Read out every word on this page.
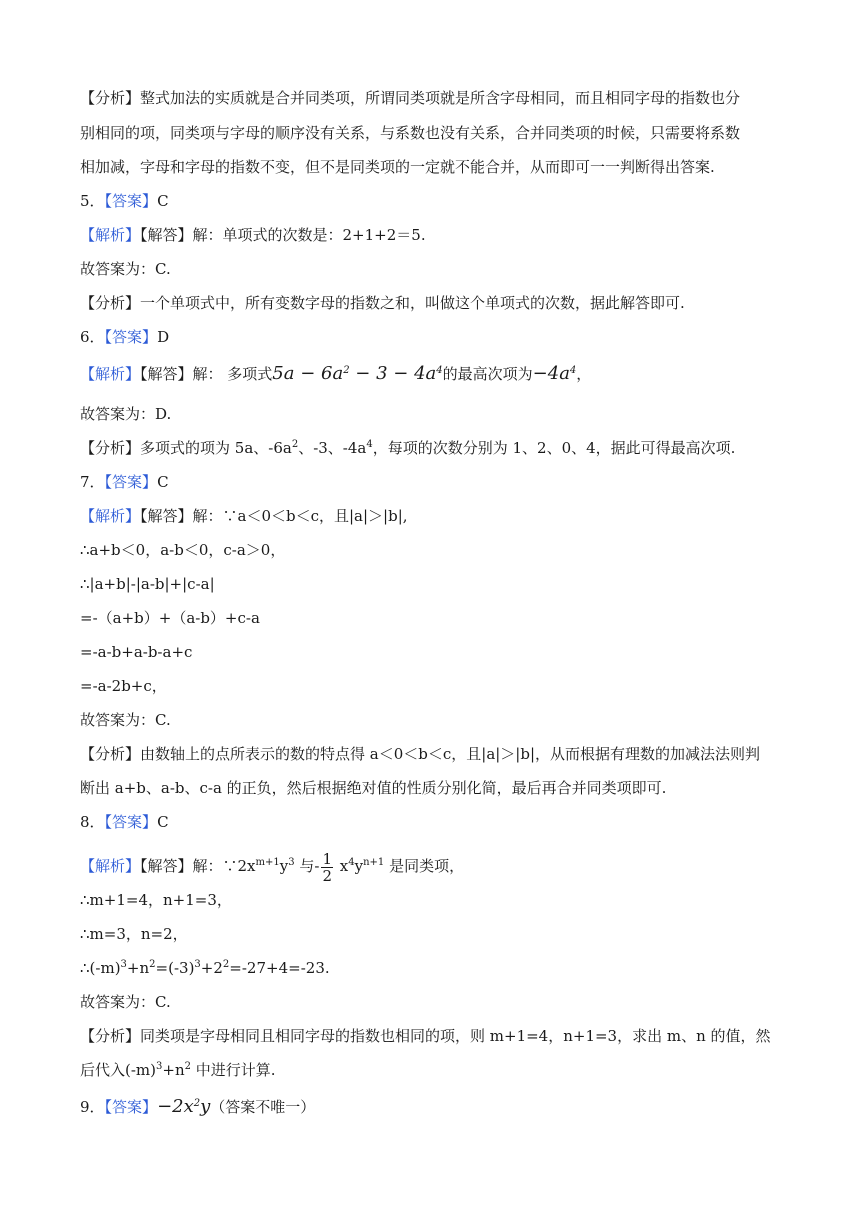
【分析】整式加法的实质就是合并同类项，所谓同类项就是所含字母相同，而且相同字母的指数也分
别相同的项，同类项与字母的顺序没有关系，与系数也没有关系，合并同类项的时候，只需要将系数
相加减，字母和字母的指数不变，但不是同类项的一定就不能合并，从而即可一一判断得出答案.
5．【答案】C
【解析】【解答】解：单项式的次数是：2+1+2＝5.
故答案为：C.
【分析】一个单项式中，所有变数字母的指数之和，叫做这个单项式的次数，据此解答即可.
6．【答案】D
【解析】【解答】解： 多项式$5a - 6a^2 - 3 - 4a^4$的最高次项为$-4a^4$，
故答案为：D.
【分析】多项式的项为 5a、$-6a^2$、-3、$-4a^4$，每项的次数分别为 1、2、0、4，据此可得最高次项.
7．【答案】C
【解析】【解答】解：∵a＜0＜b＜c，且|a|＞|b|,
∴a+b＜0，a-b＜0，c-a＞0，
∴|a+b|-|a-b|+|c-a|
=-（a+b）+（a-b）+c-a
=-a-b+a-b-a+c
=-a-2b+c，
故答案为：C.
【分析】由数轴上的点所表示的数的特点得 a＜0＜b＜c，且|a|＞|b|，从而根据有理数的加减法法则判
断出 a+b、a-b、c-a 的正负，然后根据绝对值的性质分别化简，最后再合并同类项即可.
8．【答案】C
【解析】【解答】解：$\because 2x^{m+1}y^3$ 与- $\frac{1}{2} x^4y^{n+1}$ 是同类项，
∴m+1=4，n+1=3，
∴m=3，n=2，
$\therefore(-m)^3+n^2=(-3)^3+2^2=-27+4=-23$.
故答案为：C.
【分析】同类项是字母相同且相同字母的指数也相同的项，则 m+1=4，n+1=3，求出 m、n 的值，然
后代入$(-m)^3+n^2$ 中进行计算.
9．【答案】$-2x^2y$（答案不唯一）
